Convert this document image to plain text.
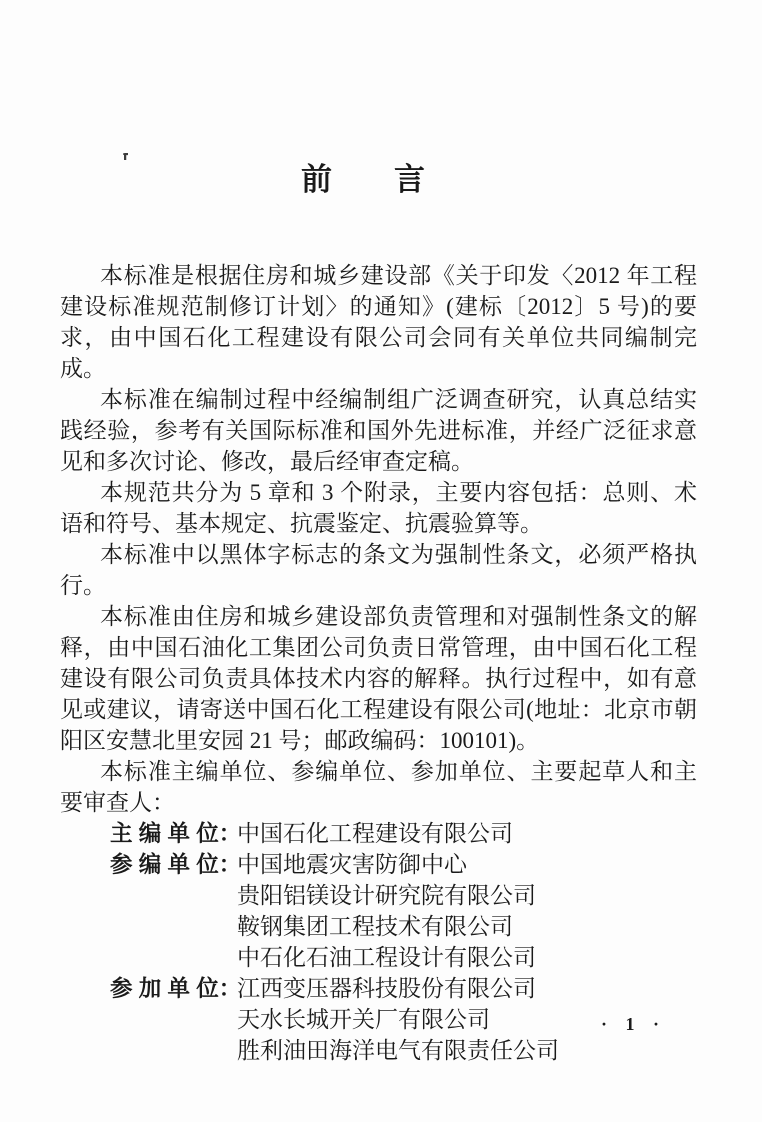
前　　言

本标准是根据住房和城乡建设部《关于印发〈2012 年工程建设标准规范制修订计划〉的通知》(建标〔2012〕5 号)的要求，由中国石化工程建设有限公司会同有关单位共同编制完成。

本标准在编制过程中经编制组广泛调查研究，认真总结实践经验，参考有关国际标准和国外先进标准，并经广泛征求意见和多次讨论、修改，最后经审查定稿。

本规范共分为 5 章和 3 个附录，主要内容包括：总则、术语和符号、基本规定、抗震鉴定、抗震验算等。

本标准中以黑体字标志的条文为强制性条文，必须严格执行。

本标准由住房和城乡建设部负责管理和对强制性条文的解释，由中国石油化工集团公司负责日常管理，由中国石化工程建设有限公司负责具体技术内容的解释。执行过程中，如有意见或建议，请寄送中国石化工程建设有限公司(地址：北京市朝阳区安慧北里安园 21 号；邮政编码：100101)。

本标准主编单位、参编单位、参加单位、主要起草人和主要审查人：

主 编 单 位：
中国石化工程建设有限公司
参 编 单 位：
中国地震灾害防御中心
贵阳铝镁设计研究院有限公司
鞍钢集团工程技术有限公司
中石化石油工程设计有限公司
参 加 单 位：
江西变压器科技股份有限公司
天水长城开关厂有限公司
胜利油田海洋电气有限责任公司
· 1 ·
